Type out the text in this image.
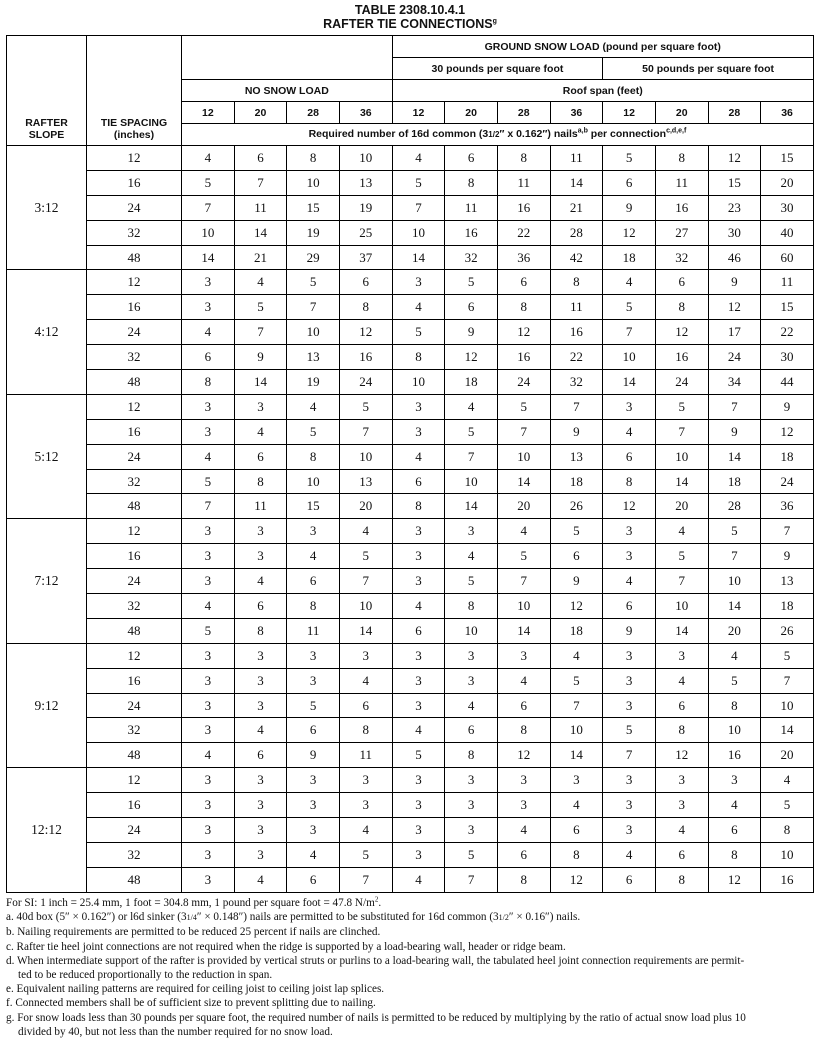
TABLE 2308.10.4.1
RAFTER TIE CONNECTIONS$^g$
RAFTER SLOPE	TIE SPACING (inches)					GROUND SNOW LOAD (pound per square foot)							
						30 pounds per square foot				50 pounds per square foot			
		NO SNOW LOAD				Roof span (feet)							
		12	20	28	36	12	20	28	36	12	20	28	36
		Required number of 16d common (31/2″ x 0.162″) nails$^{a,b}$ per connection$^{c,d,e,f}$
3:12	12	4	6	8	10	4	6	8	11	5	8	12	15
	16	5	7	10	13	5	8	11	14	6	11	15	20
	24	7	11	15	19	7	11	16	21	9	16	23	30
	32	10	14	19	25	10	16	22	28	12	27	30	40
	48	14	21	29	37	14	32	36	42	18	32	46	60
4:12	12	3	4	5	6	3	5	6	8	4	6	9	11
	16	3	5	7	8	4	6	8	11	5	8	12	15
	24	4	7	10	12	5	9	12	16	7	12	17	22
	32	6	9	13	16	8	12	16	22	10	16	24	30
	48	8	14	19	24	10	18	24	32	14	24	34	44
5:12	12	3	3	4	5	3	4	5	7	3	5	7	9
	16	3	4	5	7	3	5	7	9	4	7	9	12
	24	4	6	8	10	4	7	10	13	6	10	14	18
	32	5	8	10	13	6	10	14	18	8	14	18	24
	48	7	11	15	20	8	14	20	26	12	20	28	36
7:12	12	3	3	3	4	3	3	4	5	3	4	5	7
	16	3	3	4	5	3	4	5	6	3	5	7	9
	24	3	4	6	7	3	5	7	9	4	7	10	13
	32	4	6	8	10	4	8	10	12	6	10	14	18
	48	5	8	11	14	6	10	14	18	9	14	20	26
9:12	12	3	3	3	3	3	3	3	4	3	3	4	5
	16	3	3	3	4	3	3	4	5	3	4	5	7
	24	3	3	5	6	3	4	6	7	3	6	8	10
	32	3	4	6	8	4	6	8	10	5	8	10	14
	48	4	6	9	11	5	8	12	14	7	12	16	20
12:12	12	3	3	3	3	3	3	3	3	3	3	3	4
	16	3	3	3	3	3	3	3	4	3	3	4	5
	24	3	3	3	4	3	3	4	6	3	4	6	8
	32	3	3	4	5	3	5	6	8	4	6	8	10
	48	3	4	6	7	4	7	8	12	6	8	12	16
For SI: 1 inch = 25.4 mm, 1 foot = 304.8 mm, 1 pound per square foot = 47.8 $N/m^2$.
a. 40d box (5″ × 0.162″) or l6d sinker (31/4″ × 0.148″) nails are permitted to be substituted for 16d common (31/2″ × 0.16″) nails.
b. Nailing requirements are permitted to be reduced 25 percent if nails are clinched.
c. Rafter tie heel joint connections are not required when the ridge is supported by a load-bearing wall, header or ridge beam.
d. When intermediate support of the rafter is provided by vertical struts or purlins to a load-bearing wall, the tabulated heel joint connection requirements are permit-
ted to be reduced proportionally to the reduction in span.
e. Equivalent nailing patterns are required for ceiling joist to ceiling joist lap splices.
f. Connected members shall be of sufficient size to prevent splitting due to nailing.
g. For snow loads less than 30 pounds per square foot, the required number of nails is permitted to be reduced by multiplying by the ratio of actual snow load plus 10
divided by 40, but not less than the number required for no snow load.
